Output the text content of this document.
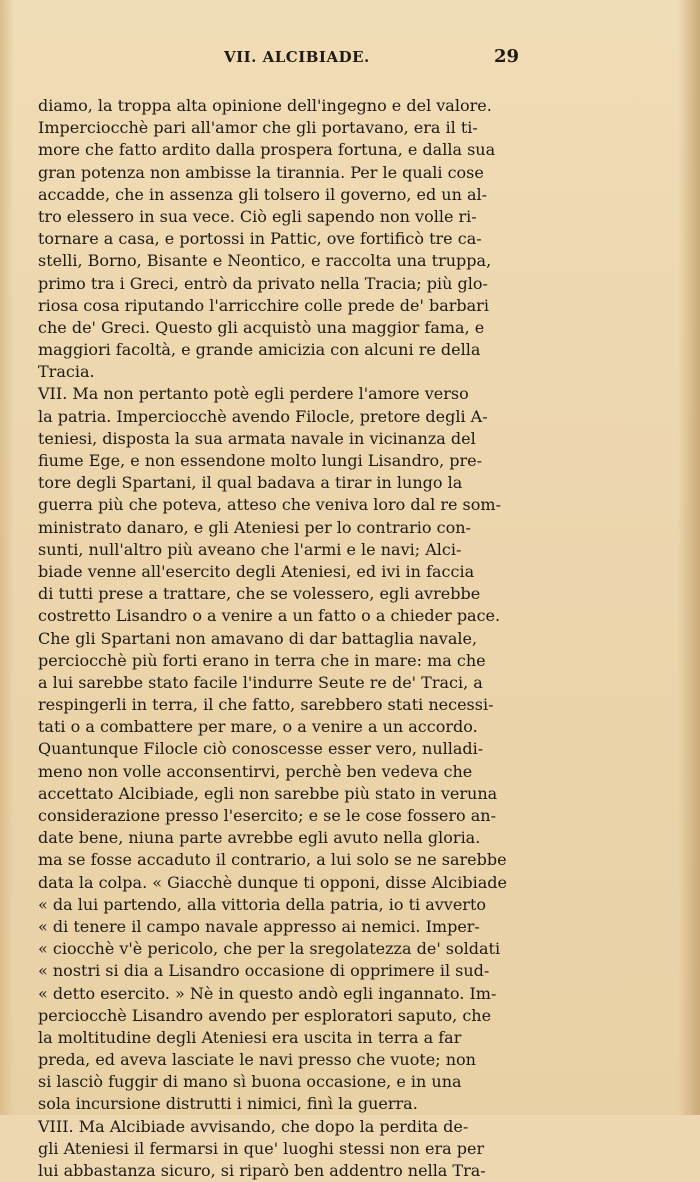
VII. ALCIBIADE.	29
diamo, la troppa alta opinione dell'ingegno e del valore.
Imperciocchè pari all'amor che gli portavano, era il ti-
more che fatto ardito dalla prospera fortuna, e dalla sua
gran potenza non ambisse la tirannia. Per le quali cose
accadde, che in assenza gli tolsero il governo, ed un al-
tro elessero in sua vece. Ciò egli sapendo non volle ri-
tornare a casa, e portossi in Pattic, ove fortificò tre ca-
stelli, Borno, Bisante e Neontico, e raccolta una truppa,
primo tra i Greci, entrò da privato nella Tracia; più glo-
riosa cosa riputando l'arricchire colle prede de' barbari
che de' Greci. Questo gli acquistò una maggior fama, e
maggiori facoltà, e grande amicizia con alcuni re della
Tracia.
VII. Ma non pertanto potè egli perdere l'amore verso
la patria. Imperciocchè avendo Filocle, pretore degli A-
teniesi, disposta la sua armata navale in vicinanza del
fiume Ege, e non essendone molto lungi Lisandro, pre-
tore degli Spartani, il qual badava a tirar in lungo la
guerra più che poteva, atteso che veniva loro dal re som-
ministrato danaro, e gli Ateniesi per lo contrario con-
sunti, null'altro più aveano che l'armi e le navi; Alci-
biade venne all'esercito degli Ateniesi, ed ivi in faccia
di tutti prese a trattare, che se volessero, egli avrebbe
costretto Lisandro o a venire a un fatto o a chieder pace.
Che gli Spartani non amavano di dar battaglia navale,
perciocchè più forti erano in terra che in mare: ma che
a lui sarebbe stato facile l'indurre Seute re de' Traci, a
respingerli in terra, il che fatto, sarebbero stati necessi-
tati o a combattere per mare, o a venire a un accordo.
Quantunque Filocle ciò conoscesse esser vero, nulladi-
meno non volle acconsentirvi, perchè ben vedeva che
accettato Alcibiade, egli non sarebbe più stato in veruna
considerazione presso l'esercito; e se le cose fossero an-
date bene, niuna parte avrebbe egli avuto nella gloria.
ma se fosse accaduto il contrario, a lui solo se ne sarebbe
data la colpa. « Giacchè dunque ti opponi, disse Alcibiade
« da lui partendo, alla vittoria della patria, io ti avverto
« di tenere il campo navale appresso ai nemici. Imper-
« ciocchè v'è pericolo, che per la sregolatezza de' soldati
« nostri si dia a Lisandro occasione di opprimere il sud-
« detto esercito. » Nè in questo andò egli ingannato. Im-
perciocchè Lisandro avendo per esploratori saputo, che
la moltitudine degli Ateniesi era uscita in terra a far
preda, ed aveva lasciate le navi presso che vuote; non
si lasciò fuggir di mano sì buona occasione, e in una
sola incursione distrutti i nimici, finì la guerra.
VIII. Ma Alcibiade avvisando, che dopo la perdita de-
gli Ateniesi il fermarsi in que' luoghi stessi non era per
lui abbastanza sicuro, si riparò ben addentro nella Tra-
